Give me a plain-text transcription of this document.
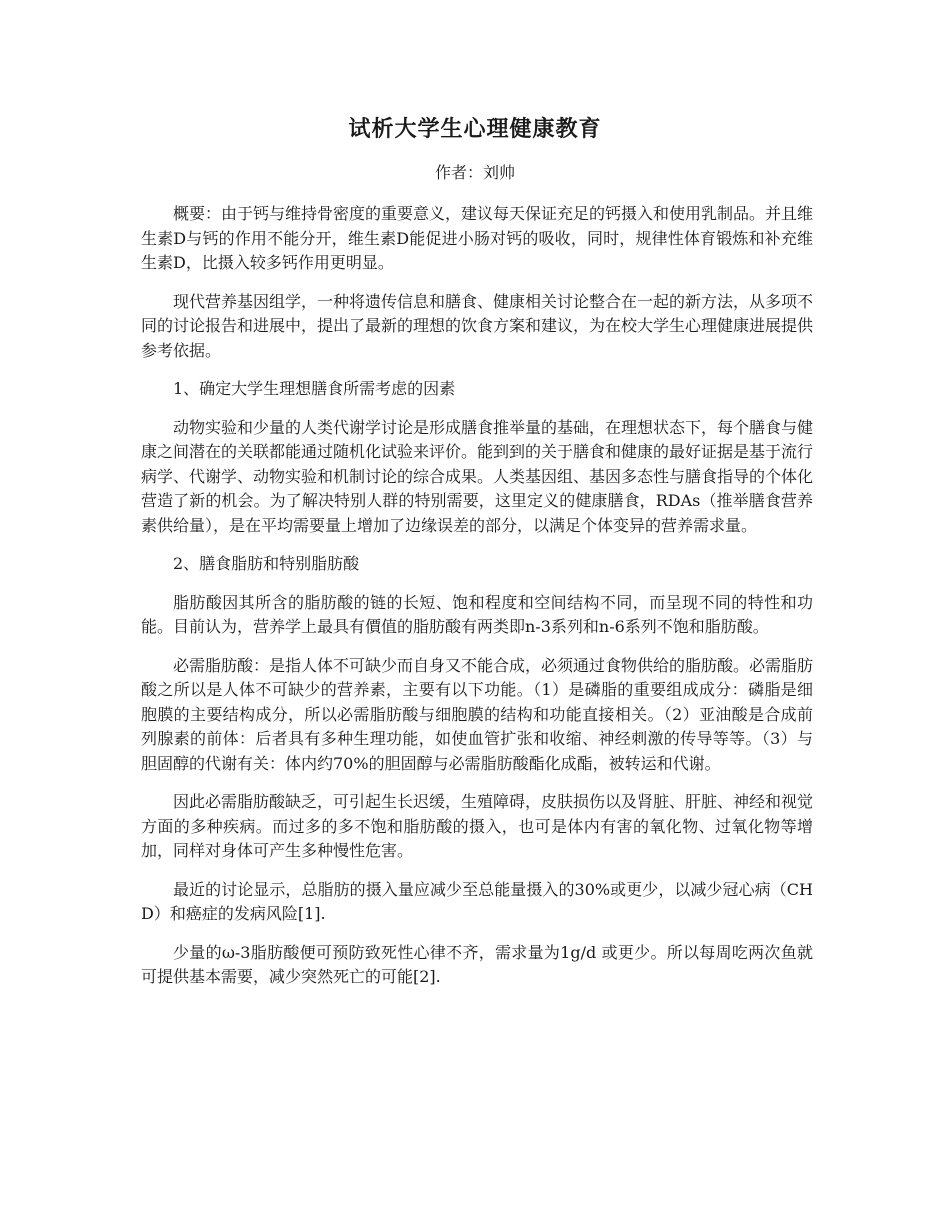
试析大学生心理健康教育
作者：刘帅

概要：由于钙与维持骨密度的重要意义，建议每天保证充足的钙摄入和使用乳制品。并且维生素D与钙的作用不能分开，维生素D能促进小肠对钙的吸收，同时，规律性体育锻炼和补充维生素D，比摄入较多钙作用更明显。

现代营养基因组学，一种将遗传信息和膳食、健康相关讨论整合在一起的新方法，从多项不同的讨论报告和进展中，提出了最新的理想的饮食方案和建议，为在校大学生心理健康进展提供参考依据。

1、确定大学生理想膳食所需考虑的因素

动物实验和少量的人类代谢学讨论是形成膳食推举量的基础，在理想状态下，每个膳食与健康之间潜在的关联都能通过随机化试验来评价。能到到的关于膳食和健康的最好证据是基于流行病学、代谢学、动物实验和机制讨论的综合成果。人类基因组、基因多态性与膳食指导的个体化营造了新的机会。为了解决特别人群的特别需要，这里定义的健康膳食，RDAs（推举膳食营养素供给量），是在平均需要量上增加了边缘误差的部分，以满足个体变异的营养需求量。

2、膳食脂肪和特别脂肪酸

脂肪酸因其所含的脂肪酸的链的长短、饱和程度和空间结构不同，而呈现不同的特性和功能。目前认为，营养学上最具有價值的脂肪酸有两类即n-3系列和n-6系列不饱和脂肪酸。

必需脂肪酸：是指人体不可缺少而自身又不能合成，必须通过食物供给的脂肪酸。必需脂肪酸之所以是人体不可缺少的营养素，主要有以下功能。（1）是磷脂的重要组成成分：磷脂是细胞膜的主要结构成分，所以必需脂肪酸与细胞膜的结构和功能直接相关。（2）亚油酸是合成前列腺素的前体：后者具有多种生理功能，如使血管扩张和收缩、神经刺激的传导等等。（3）与胆固醇的代谢有关：体内约70%的胆固醇与必需脂肪酸酯化成酯，被转运和代谢。

因此必需脂肪酸缺乏，可引起生长迟缓，生殖障碍，皮肤损伤以及肾脏、肝脏、神经和视觉方面的多种疾病。而过多的多不饱和脂肪酸的摄入，也可是体内有害的氧化物、过氧化物等增加，同样对身体可产生多种慢性危害。

最近的讨论显示，总脂肪的摄入量应减少至总能量摄入的30%或更少，以减少冠心病（CHD）和癌症的发病风险[1].

少量的ω-3脂肪酸便可预防致死性心律不齐，需求量为1g/d 或更少。所以每周吃两次鱼就可提供基本需要，减少突然死亡的可能[2].
